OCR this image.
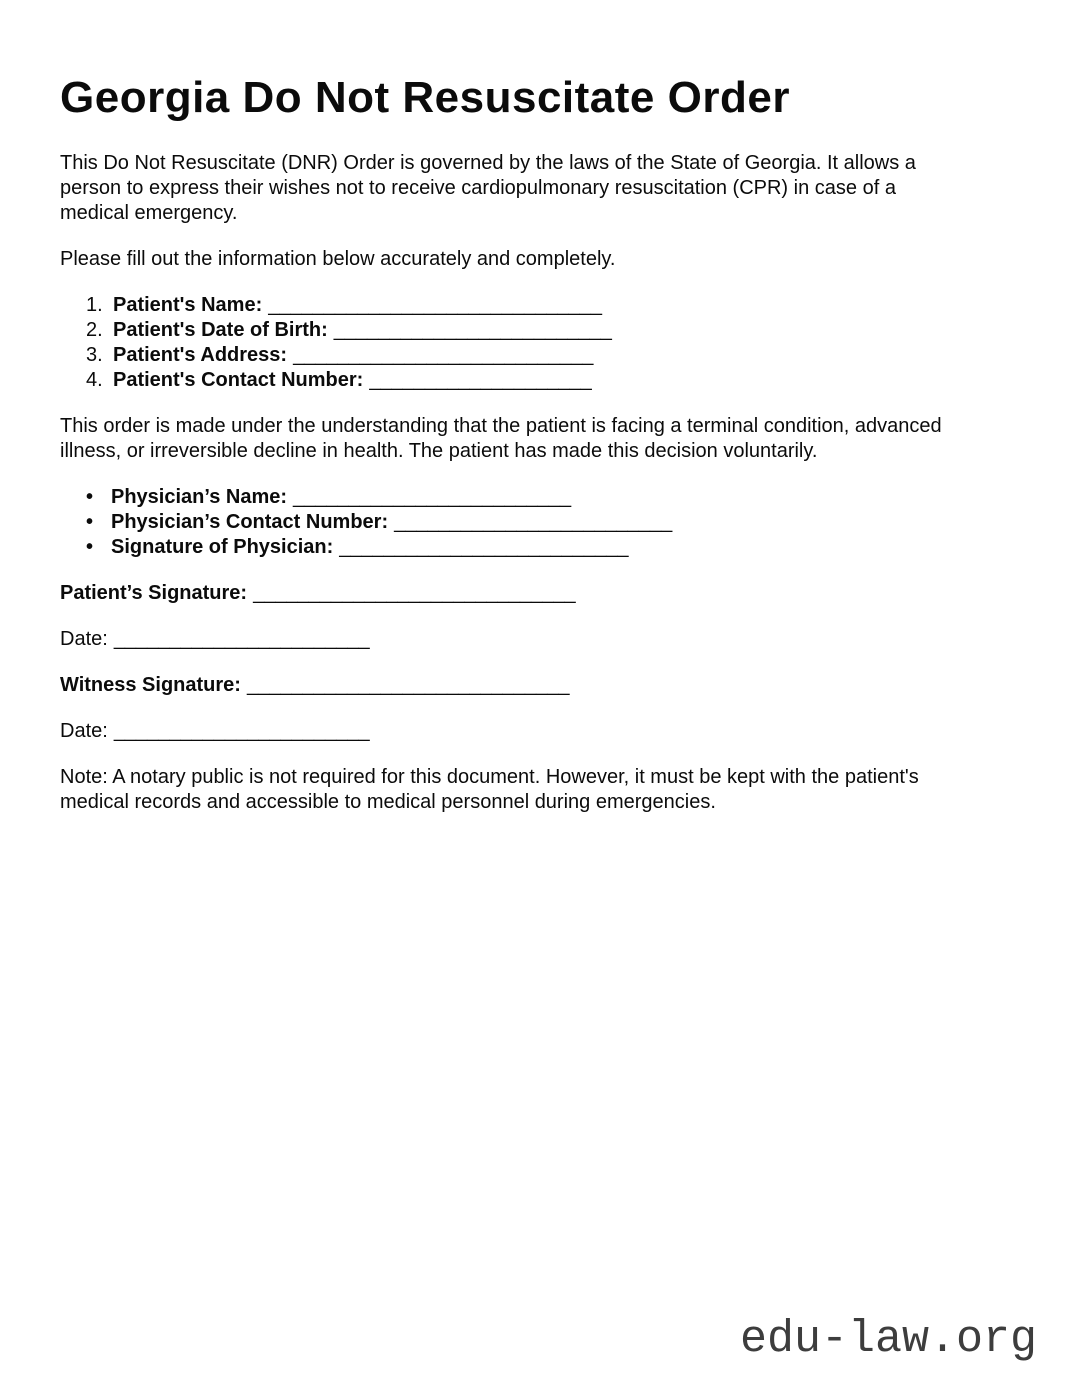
Georgia Do Not Resuscitate Order

This Do Not Resuscitate (DNR) Order is governed by the laws of the State of Georgia. It allows a person to express their wishes not to receive cardiopulmonary resuscitation (CPR) in case of a medical emergency.

Please fill out the information below accurately and completely.

1. Patient's Name: ______________________________
2. Patient's Date of Birth: _________________________
3. Patient's Address: ___________________________
4. Patient's Contact Number: ____________________

This order is made under the understanding that the patient is facing a terminal condition, advanced illness, or irreversible decline in health. The patient has made this decision voluntarily.

• Physician’s Name: _________________________
• Physician’s Contact Number: _________________________
• Signature of Physician: __________________________

Patient’s Signature: _____________________________

Date: _______________________

Witness Signature: _____________________________

Date: _______________________

Note: A notary public is not required for this document. However, it must be kept with the patient's medical records and accessible to medical personnel during emergencies.

edu-law.org
